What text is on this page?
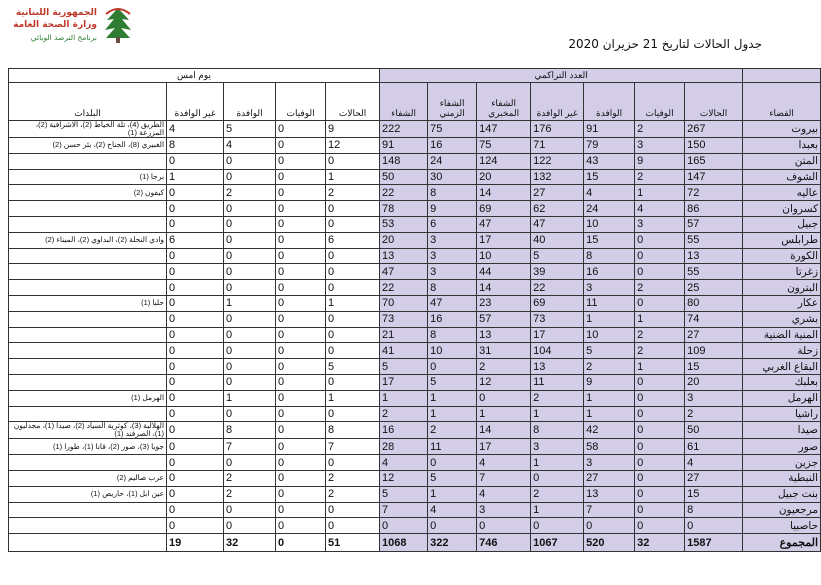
الجمهورية اللبنانية
وزارة الصحة العامة
برنامج الترصد الوبائي	جدول الحالات لتاريخ 21 حزيران 2020
	العدد التراكمي							يوم امس				
القضاء	الحالات	الوفيات	الوافدة	غير الوافدة	الشفاء المخبري	الشفاء الزمني	الشفاء	الحالات	الوفيات	الوافدة	غير الوافدة	البلدات
بيروت	267	2	91	176	147	75	222	9	0	5	4	الطريق (4)، تلة الخياط (2)، الاشرافية (2)، المزرعة (1)
بعبدا	150	3	79	71	75	16	91	12	0	4	8	الغبيري (8)، الجناح (2)، بئر حسن (2)
المتن	165	9	43	122	124	24	148	0	0	0	0	
الشوف	147	2	15	132	20	30	50	1	0	0	1	برجا (1)
عاليه	72	1	4	27	14	8	22	2	0	2	0	كيفون (2)
كسروان	86	4	24	62	69	9	78	0	0	0	0	
جبيل	57	3	10	47	47	6	53	0	0	0	0	
طرابلس	55	0	15	40	17	3	20	6	0	0	6	وادي النحلة (2)، البداوي (2)، الميناء (2)
الكورة	13	0	8	5	10	3	13	0	0	0	0	
زغرتا	55	0	16	39	44	3	47	0	0	0	0	
البترون	25	2	3	22	14	8	22	0	0	0	0	
عكار	80	0	11	69	23	47	70	1	0	1	0	حلبا (1)
بشري	74	1	1	73	57	16	73	0	0	0	0	
المنية الضنية	27	2	10	17	13	8	21	0	0	0	0	
زحلة	109	2	5	104	31	10	41	0	0	0	0	
البقاع الغربي	15	1	2	13	2	0	5	5	0	0	0	
بعلبك	20	0	9	11	12	5	17	0	0	0	0	
الهرمل	3	0	1	2	0	1	1	1	0	1	0	الهرمل (1)
راشيا	2	0	1	1	1	1	2	0	0	0	0	
صيدا	50	0	42	8	14	2	16	8	0	8	0	الهلالية (3)، كوثرية السياد (2)، صيدا (1)، مجدليون (1)، الصرفند (1)
صور	61	0	58	3	17	11	28	7	0	7	0	جويا (3)، صور (2)، قانا (1)، طورا (1)
جزين	4	0	3	1	4	0	4	0	0	0	0	
النبطية	27	0	27	0	7	5	12	2	0	2	0	عرب صاليم (2)
بنت جبيل	15	0	13	2	4	1	5	2	0	2	0	عين ابل (1)، حاريص (1)
مرجعيون	8	0	7	1	3	4	7	0	0	0	0	
حاصبيا	0	0	0	0	0	0	0	0	0	0	0	
المجموع	1587	32	520	1067	746	322	1068	51	0	32	19	
